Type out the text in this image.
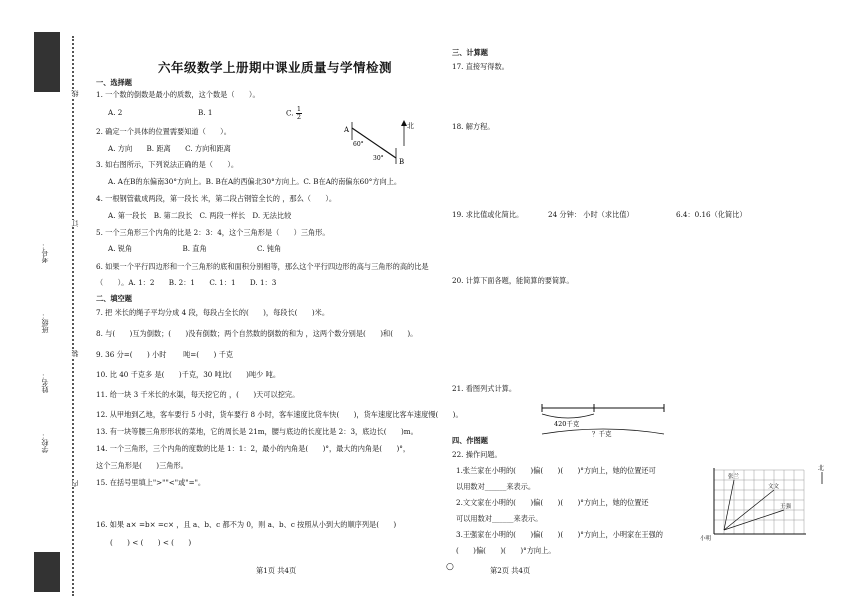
学校：
姓名：
班级：
考号：
线
订
装
内
六年级数学上册期中课业质量与学情检测
一、选择题
1. 一个数的倒数是最小的质数，这个数是（　　）。
A. 2	B. 1	C. $\frac{1}{2}$
2. 确定一个具体的位置需要知道（　　）。
A. 方向　　B. 距离　　C. 方向和距离
3. 如右图所示，下列说法正确的是（　　）。
A. A在B的东偏南30°方向上。B. B在A的西偏北30°方向上。C. B在A的南偏东60°方向上。
A
B
60°
30°
北
4. 一根钢管截成两段，第一段长 米，第二段占钢管全长的 ，那么（　　）。
A. 第一段长　B. 第二段长　C. 两段一样长　D. 无法比较
5. 一个三角形三个内角的比是 2：3：4，这个三角形是（　　）三角形。
A. 锐角　　　　　　　B. 直角　　　　　　　C. 钝角
6. 如果一个平行四边形和一个三角形的底和面积分别相等，那么这个平行四边形的高与三角形的高的比是
（　　）。A. 1：2　　B. 2：1　　C. 1：1　　D. 1：3
二、填空题
7. 把 米长的绳子平均分成 4 段，每段占全长的(　　)，每段长(　　)米。
8. 与(　　)互为倒数；(　　)没有倒数；两个自然数的倒数的和为 ，这两个数分别是(　　)和(　　)。
9. 36 分=(　　) 小时　　 吨=(　　) 千克
10. 比 40 千克多 是(　　)千克，30 吨比(　　)吨少 吨。
11. 给一块 3 千米长的水渠，每天挖它的 ，(　　)天可以挖完。
12. 从甲地到乙地，客车要行 5 小时，货车要行 8 小时，客车速度比货车快(　　)，货车速度比客车速度慢(　　)。
13. 有一块等腰三角形形状的菜地，它的周长是 21m，腰与底边的长度比是 2：3，底边长(　　)m。
14. 一个三角形，三个内角的度数的比是 1：1：2，最小的内角是(　　)°，最大的内角是(　　)°，
这个三角形是(　　)三角形。
15. 在括号里填上">""<"或"="。
16. 如果 a× =b× =c× ，且 a、b、c 都不为 0，则 a、b、c 按照从小到大的顺序列是(　　)
(　　) < (　　) < (　　)
第1页 共4页
三、计算题
17. 直接写得数。
18. 解方程。
19. 求比值或化简比。	24 分钟： 小时（求比值）	6.4：0.16（化简比）
20. 计算下面各题，能简算的要简算。
21. 看图列式计算。
420千克
？千克
四、作图题
22. 操作问题。
1.张兰家在小明的(　　)偏(　　)(　　)°方向上，她的位置还可
以用数对______来表示。
2.文文家在小明的(　　)偏(　　)(　　)°方向上，她的位置还
可以用数对______来表示。
3.王强家在小明的(　　)偏(　　)(　　)°方向上，小明家在王强的
(　　)偏(　　)(　　)°方向上。
张兰
文文
王强
小明
北
第2页 共4页
○
